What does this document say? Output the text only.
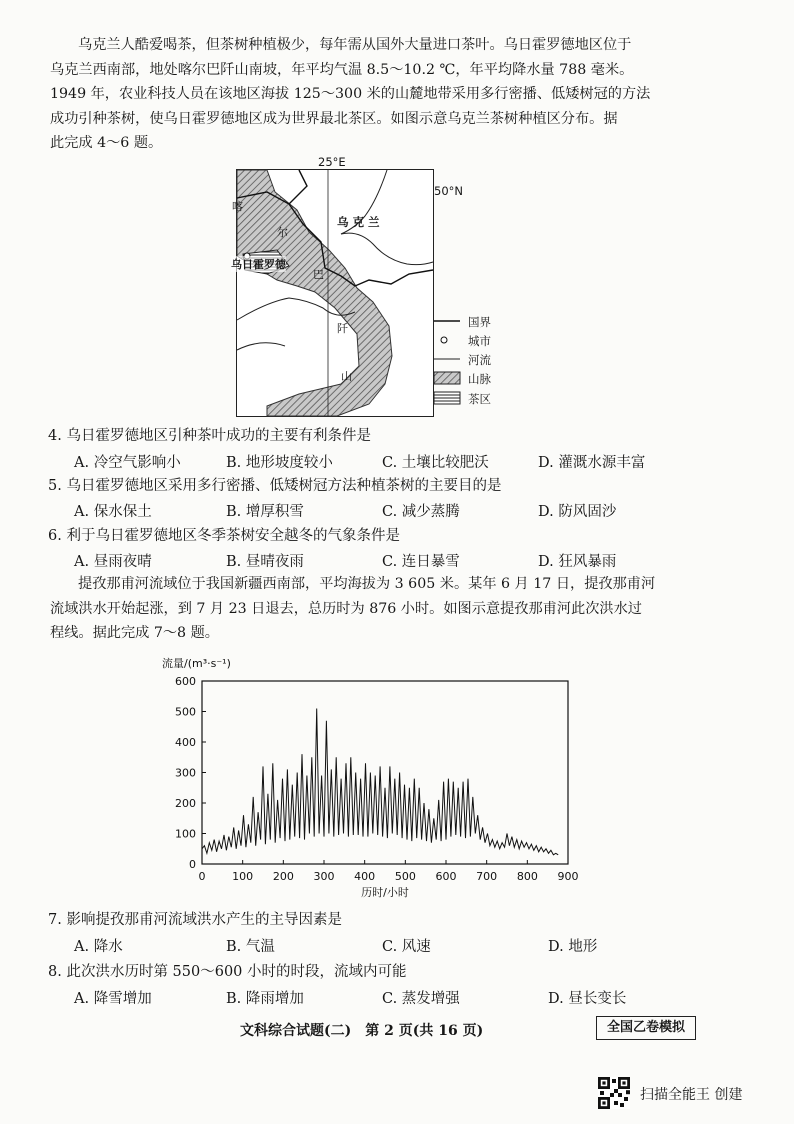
乌克兰人酷爱喝茶，但茶树种植极少，每年需从国外大量进口茶叶。乌日霍罗德地区位于
乌克兰西南部，地处喀尔巴阡山南坡，年平均气温 8.5～10.2 ℃，年平均降水量 788 毫米。
1949 年，农业科技人员在该地区海拔 125～300 米的山麓地带采用多行密播、低矮树冠的方法
成功引种茶树，使乌日霍罗德地区成为世界最北茶区。如图示意乌克兰茶树种植区分布。据
此完成 4～6 题。
25°E
50°N
乌 克 兰
乌日霍罗德
喀
尔
巴
阡
山
国界
城市
河流
山脉
茶区
4. 乌日霍罗德地区引种茶叶成功的主要有利条件是
A. 冷空气影响小	B. 地形坡度较小	C. 土壤比较肥沃	D. 灌溉水源丰富
5. 乌日霍罗德地区采用多行密播、低矮树冠方法种植茶树的主要目的是
A. 保水保土	B. 增厚积雪	C. 减少蒸腾	D. 防风固沙
6. 利于乌日霍罗德地区冬季茶树安全越冬的气象条件是
A. 昼雨夜晴	B. 昼晴夜雨	C. 连日暴雪	D. 狂风暴雨
提孜那甫河流域位于我国新疆西南部，平均海拔为 3 605 米。某年 6 月 17 日，提孜那甫河
流域洪水开始起涨，到 7 月 23 日退去，总历时为 876 小时。如图示意提孜那甫河此次洪水过
程线。据此完成 7～8 题。
0
100
200
300
400
500
600
0 100 200 300 400 500 600 700 800 900
流量/(m³·s⁻¹)
历时/小时
7. 影响提孜那甫河流域洪水产生的主导因素是
A. 降水	B. 气温	C. 风速	D. 地形
8. 此次洪水历时第 550～600 小时的时段，流域内可能
A. 降雪增加	B. 降雨增加	C. 蒸发增强	D. 昼长变长
文科综合试题(二)　第 2 页(共 16 页)	全国乙卷模拟
扫描全能王 创建
